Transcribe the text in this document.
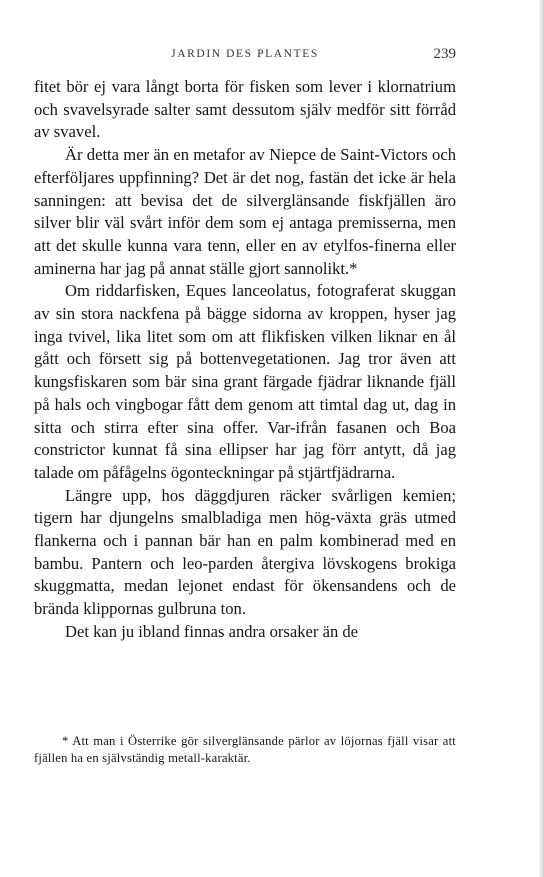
JARDIN DES PLANTES	239

fitet bör ej vara långt borta för fisken som lever i klornatrium och svavelsyrade salter samt dessutom själv medför sitt förråd av svavel.

Är detta mer än en metafor av Niepce de Saint-Victors och efterföljares uppfinning? Det är det nog, fastän det icke är hela sanningen: att bevisa det de silverglänsande fiskfjällen äro silver blir väl svårt inför dem som ej antaga premisserna, men att det skulle kunna vara tenn, eller en av etylfos-finerna eller aminerna har jag på annat ställe gjort sannolikt.*

Om riddarfisken, Eques lanceolatus, fotograferat skuggan av sin stora nackfena på bägge sidorna av kroppen, hyser jag inga tvivel, lika litet som om att flikfisken vilken liknar en ål gått och försett sig på bottenvegetationen. Jag tror även att kungsfiskaren som bär sina grant färgade fjädrar liknande fjäll på hals och vingbogar fått dem genom att timtal dag ut, dag in sitta och stirra efter sina offer. Var-ifrån fasanen och Boa constrictor kunnat få sina ellipser har jag förr antytt, då jag talade om påfågelns ögonteckningar på stjärtfjädrarna.

Längre upp, hos däggdjuren räcker svårligen kemien; tigern har djungelns smalbladiga men hög-växta gräs utmed flankerna och i pannan bär han en palm kombinerad med en bambu. Pantern och leo-parden återgiva lövskogens brokiga skuggmatta, medan lejonet endast för ökensandens och de brända klippornas gulbruna ton.

Det kan ju ibland finnas andra orsaker än de

* Att man i Österrike gör silverglänsande pärlor av löjornas fjäll visar att fjällen ha en självständig metall-karaktär.
